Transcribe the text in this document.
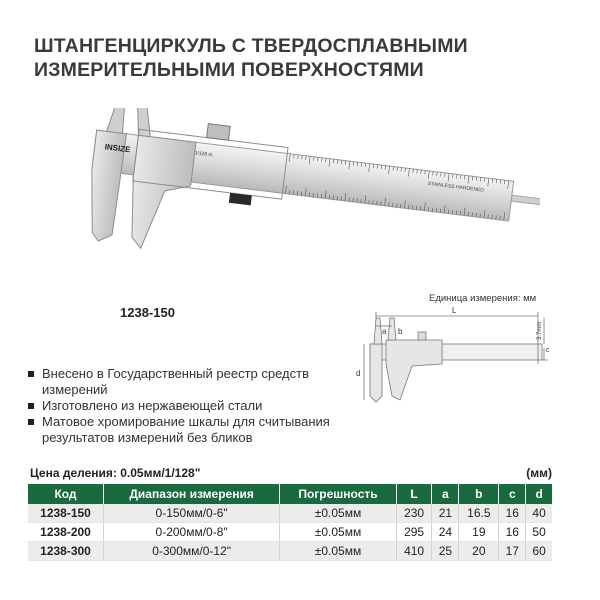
ШТАНГЕНЦИРКУЛЬ С ТВЕРДОСПЛАВНЫМИ
ИЗМЕРИТЕЛЬНЫМИ ПОВЕРХНОСТЯМИ
INSIZE
1/128 in.
STAINLESS HARDENED
1238-150
Единица измерения: мм
L
a b
c
d
3.7mm
Внесено в Государственный реестр средств измерений
Изготовлено из нержавеющей стали
Матовое хромирование шкалы для считывания результатов измерений без бликов
Цена деления: 0.05мм/1/128"	(мм)
Код	Диапазон измерения	Погрешность	L	a	b	c	d
1238-150	0-150мм/0-6"	±0.05мм	230	21	16.5	16	40
1238-200	0-200мм/0-8"	±0.05мм	295	24	19	16	50
1238-300	0-300мм/0-12"	±0.05мм	410	25	20	17	60
